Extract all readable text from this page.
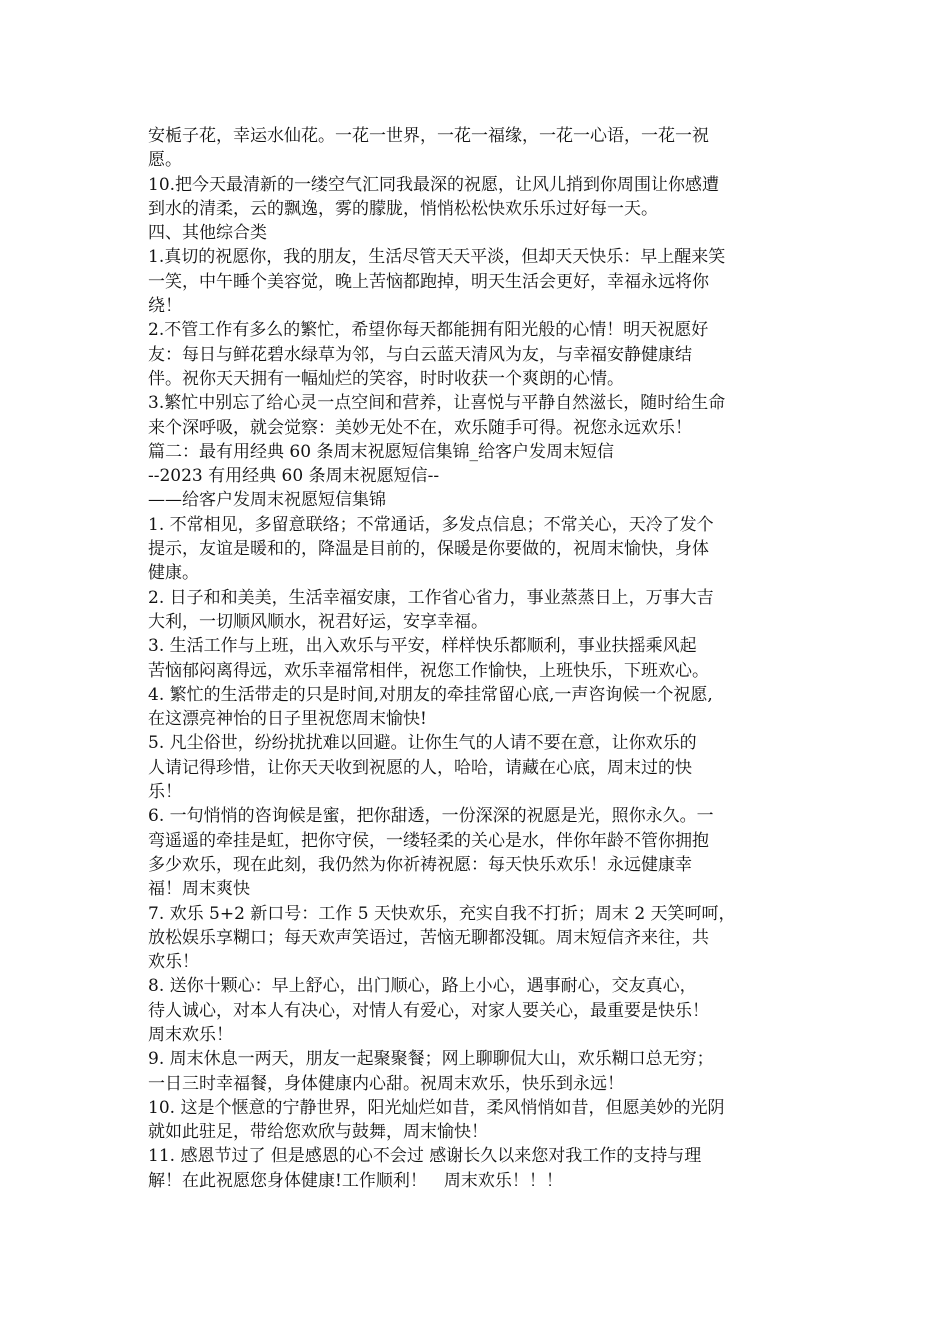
安栀子花，幸运水仙花。一花一世界，一花一福缘，一花一心语，一花一祝
愿。
10.把今天最清新的一缕空气汇同我最深的祝愿，让风儿捎到你周围让你感遭
到水的清柔，云的飘逸，雾的朦胧，悄悄松松快欢乐乐过好每一天。
四、其他综合类
1.真切的祝愿你，我的朋友，生活尽管天天平淡，但却天天快乐：早上醒来笑
一笑，中午睡个美容觉，晚上苦恼都跑掉，明天生活会更好，幸福永远将你
绕！
2.不管工作有多么的繁忙，希望你每天都能拥有阳光般的心情！明天祝愿好
友：每日与鲜花碧水绿草为邻，与白云蓝天清风为友，与幸福安静健康结
伴。祝你天天拥有一幅灿烂的笑容，时时收获一个爽朗的心情。
3.繁忙中别忘了给心灵一点空间和营养，让喜悦与平静自然滋长，随时给生命
来个深呼吸，就会觉察：美妙无处不在，欢乐随手可得。祝您永远欢乐！
篇二：最有用经典 60 条周末祝愿短信集锦_给客户发周末短信
--2023 有用经典 60 条周末祝愿短信--
——给客户发周末祝愿短信集锦
1. 不常相见，多留意联络；不常通话，多发点信息；不常关心，天冷了发个
提示，友谊是暖和的，降温是目前的，保暖是你要做的，祝周末愉快，身体
健康。
2. 日子和和美美，生活幸福安康，工作省心省力，事业蒸蒸日上，万事大吉
大利，一切顺风顺水，祝君好运，安享幸福。
3. 生活工作与上班，出入欢乐与平安，样样快乐都顺利，事业扶摇乘风起
苦恼郁闷离得远，欢乐幸福常相伴，祝您工作愉快，上班快乐，下班欢心。
4. 繁忙的生活带走的只是时间,对朋友的牵挂常留心底,一声咨询候一个祝愿,
在这漂亮神怡的日子里祝您周末愉快!
5. 凡尘俗世，纷纷扰扰难以回避。让你生气的人请不要在意，让你欢乐的
人请记得珍惜，让你天天收到祝愿的人，哈哈，请藏在心底，周末过的快
乐！
6. 一句悄悄的咨询候是蜜，把你甜透，一份深深的祝愿是光，照你永久。一
弯遥遥的牵挂是虹，把你守侯，一缕轻柔的关心是水，伴你年龄不管你拥抱
多少欢乐，现在此刻，我仍然为你祈祷祝愿：每天快乐欢乐！永远健康幸
福！周末爽快
7. 欢乐 5+2 新口号：工作 5 天快欢乐，充实自我不打折；周末 2 天笑呵呵，
放松娱乐享糊口；每天欢声笑语过，苦恼无聊都没辄。周末短信齐来往，共
欢乐！
8. 送你十颗心：早上舒心，出门顺心，路上小心，遇事耐心，交友真心，
待人诚心，对本人有决心，对情人有爱心，对家人要关心，最重要是快乐！
周末欢乐！
9. 周末休息一两天，朋友一起聚聚餐；网上聊聊侃大山，欢乐糊口总无穷；
一日三时幸福餐，身体健康内心甜。祝周末欢乐，快乐到永远！
10. 这是个惬意的宁静世界，阳光灿烂如昔，柔风悄悄如昔，但愿美妙的光阴
就如此驻足，带给您欢欣与鼓舞，周末愉快！
11. 感恩节过了 但是感恩的心不会过 感谢长久以来您对我工作的支持与理
解！在此祝愿您身体健康!工作顺利！　周末欢乐！！！
